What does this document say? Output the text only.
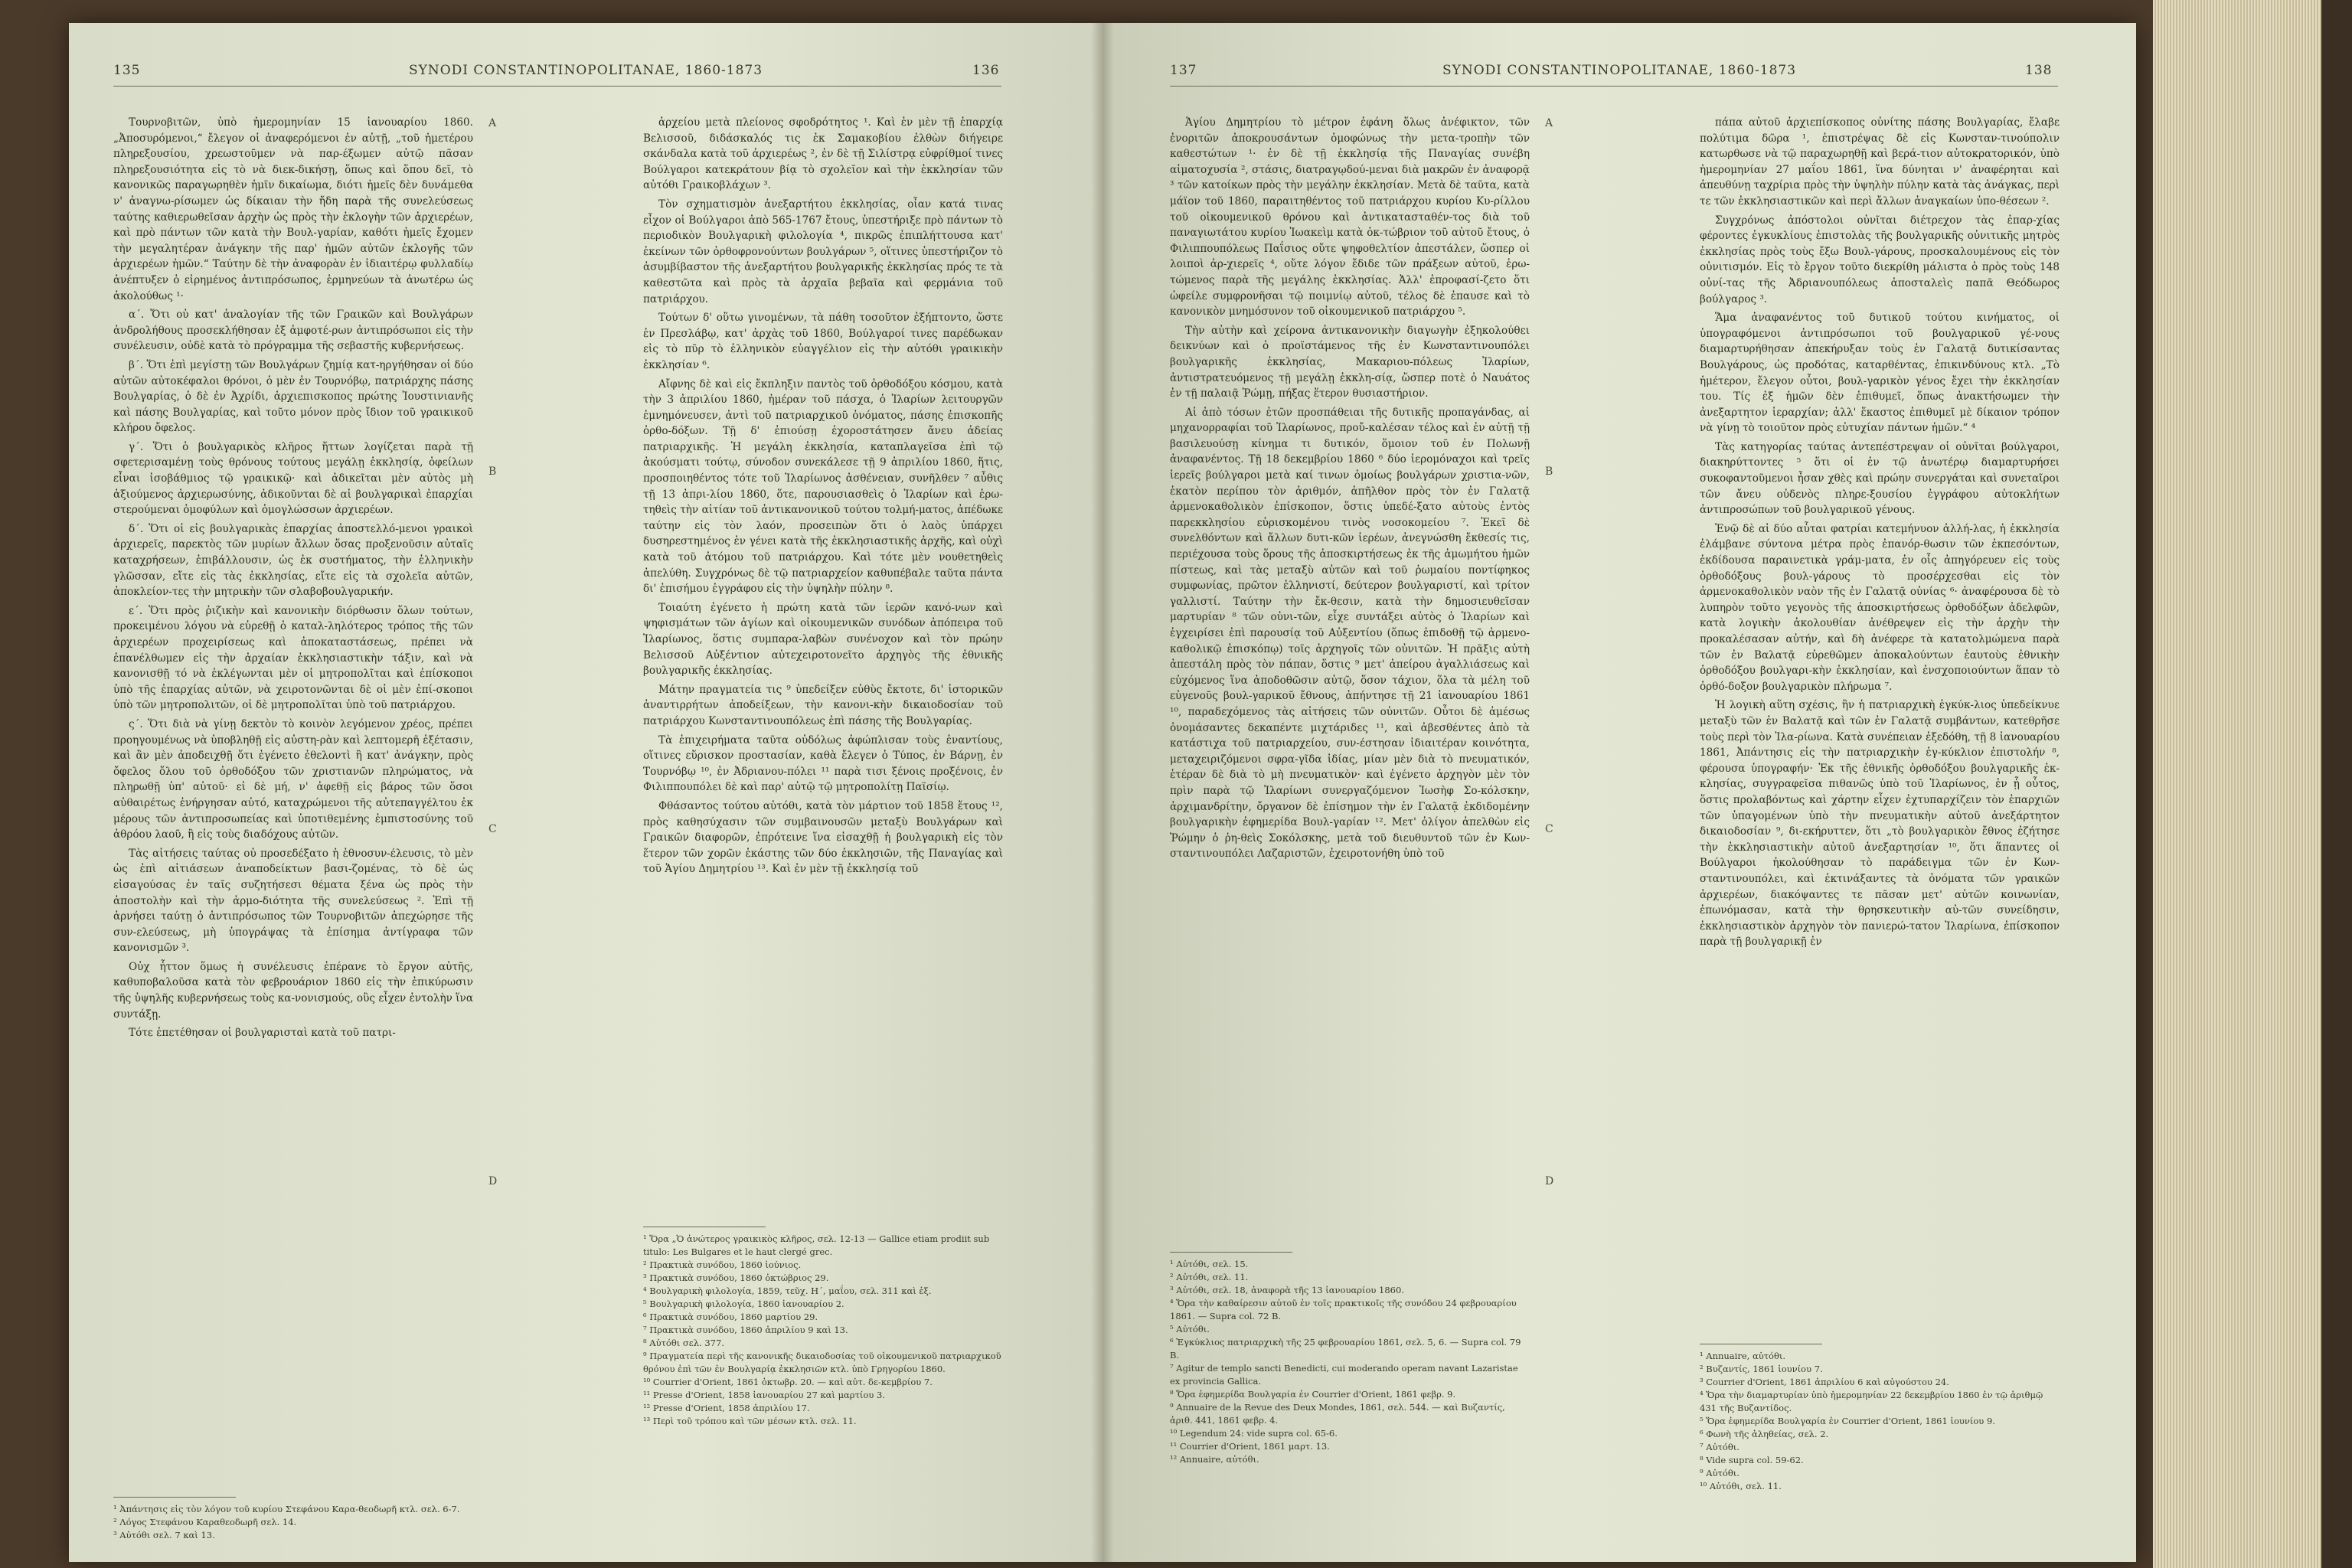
135	SYNODI CONSTANTINOPOLITANAE, 1860-1873	136

Τουρνοβιτῶν, ὑπὸ ἡμερομηνίαν 15 ἰανουαρίου 1860. „Ἀποσυρόμενοι,“ ἔλεγον οἱ ἀναφερόμενοι ἐν αὐτῇ, „τοῦ ἡμετέρου πληρεξουσίου, χρεωστοῦμεν νὰ παρ-έξωμεν αὐτῷ πᾶσαν πληρεξουσιότητα εἰς τὸ νὰ διεκ-δικήσῃ, ὅπως καὶ ὅπου δεῖ, τὸ κανονικῶς παραγωρηθὲν ἡμῖν δικαίωμα, διότι ἡμεῖς δὲν δυνάμεθα ν' ἀναγνω-ρίσωμεν ὡς δίκαιαν τὴν ἤδη παρὰ τῆς συνελεύσεως ταύτης καθιερωθεῖσαν ἀρχὴν ὡς πρὸς τὴν ἐκλογὴν τῶν ἀρχιερέων, καὶ πρὸ πάντων τῶν κατὰ τὴν Βουλ-γαρίαν, καθότι ἡμεῖς ἔχομεν τὴν μεγαλητέραν ἀνάγκην τῆς παρ' ἡμῶν αὐτῶν ἐκλογῆς τῶν ἀρχιερέων ἡμῶν.“ Ταύτην δὲ τὴν ἀναφορὰν ἐν ἰδιαιτέρῳ φυλλαδίῳ ἀνέπτυξεν ὁ εἰρημένος ἀντιπρόσωπος, ἑρμηνεύων τὰ ἀνωτέρω ὡς ἀκολούθως ¹·

α΄. Ὅτι οὐ κατ' ἀναλογίαν τῆς τῶν Γραικῶν καὶ Βουλγάρων ἀνδρολήθους προσεκλήθησαν ἐξ ἀμφοτέ-ρων ἀντιπρόσωποι εἰς τὴν συνέλευσιν, οὐδὲ κατὰ τὸ πρόγραμμα τῆς σεβαστῆς κυβερνήσεως.

β΄. Ὅτι ἐπὶ μεγίστῃ τῶν Βουλγάρων ζημίᾳ κατ-ηργήθησαν οἱ δύο αὐτῶν αὐτοκέφαλοι θρόνοι, ὁ μὲν ἐν Τουρνόβῳ, πατριάρχης πάσης Βουλγαρίας, ὁ δὲ ἐν Ἀχρίδι, ἀρχιεπισκοπος πρώτης Ἰουστινιανῆς καὶ πάσης Βουλγαρίας, καὶ τοῦτο μόνον πρὸς ἴδιον τοῦ γραικικοῦ κλήρου ὄφελος.

γ΄. Ὅτι ὁ βουλγαρικὸς κλῆρος ἥττων λογίζεται παρὰ τῇ σφετερισαμένῃ τοὺς θρόνους τούτους μεγάλῃ ἐκκλησίᾳ, ὀφείλων εἶναι ἰσοβάθμιος τῷ γραικικῷ· καὶ ἀδικεῖται μὲν αὐτὸς μὴ ἀξιούμενος ἀρχιερωσύνης, ἀδικοῦνται δὲ αἱ βουλγαρικαὶ ἐπαρχίαι στερούμεναι ὁμοφύλων καὶ ὁμογλώσσων ἀρχιερέων.

δ΄. Ὅτι οἱ εἰς βουλγαρικὰς ἐπαρχίας ἀποστελλό-μενοι γραικοὶ ἀρχιερεῖς, παρεκτὸς τῶν μυρίων ἄλλων ὅσας προξενοῦσιν αὐταῖς καταχρήσεων, ἐπιβάλλουσιν, ὡς ἐκ συστήματος, τὴν ἑλληνικὴν γλῶσσαν, εἴτε εἰς τὰς ἐκκλησίας, εἴτε εἰς τὰ σχολεῖα αὐτῶν, ἀποκλείον-τες τὴν μητρικὴν τῶν σλαβοβουλγαρικήν.

ε΄. Ὅτι πρὸς ῥιζικὴν καὶ κανονικὴν διόρθωσιν ὅλων τούτων, προκειμένου λόγου νὰ εὑρεθῇ ὁ καταλ-ληλότερος τρόπος τῆς τῶν ἀρχιερέων προχειρίσεως καὶ ἀποκαταστάσεως, πρέπει νὰ ἐπανέλθωμεν εἰς τὴν ἀρχαίαν ἐκκλησιαστικὴν τάξιν, καὶ νὰ κανονισθῇ τό νὰ ἐκλέγωνται μὲν οἱ μητροπολῖται καὶ ἐπίσκοποι ὑπὸ τῆς ἐπαρχίας αὐτῶν, νὰ χειροτονῶνται δὲ οἱ μὲν ἐπί-σκοποι ὑπὸ τῶν μητροπολιτῶν, οἱ δὲ μητροπολῖται ὑπὸ τοῦ πατριάρχου.

ς΄. Ὅτι διὰ νὰ γίνῃ δεκτὸν τὸ κοινὸν λεγόμενον χρέος, πρέπει προηγουμένως νὰ ὑποβληθῇ εἰς αὐστη-ρὰν καὶ λεπτομερῆ ἐξέτασιν, καὶ ἂν μὲν ἀποδειχθῇ ὅτι ἐγένετο ἐθελοντὶ ἢ κατ' ἀνάγκην, πρὸς ὄφελος ὅλου τοῦ ὀρθοδόξου τῶν χριστιανῶν πληρώματος, νὰ πληρωθῇ ὑπ' αὐτοῦ· εἰ δὲ μή, ν' ἀφεθῇ εἰς βάρος τῶν ὅσοι αὐθαιρέτως ἐνήργησαν αὐτό, καταχρώμενοι τῆς αὐτεπαγγέλτου ἐκ μέρους τῶν ἀντιπροσωπείας καὶ ὑποτιθεμένης ἐμπιστοσύνης τοῦ ἀθρόου λαοῦ, ἢ εἰς τοὺς διαδόχους αὐτῶν.

Τὰς αἰτήσεις ταύτας οὐ προσεδέξατο ἡ ἐθνοσυν-έλευσις, τὸ μὲν ὡς ἐπὶ αἰτιάσεων ἀναποδείκτων βασι-ζομένας, τὸ δὲ ὡς εἰσαγούσας ἐν ταῖς συζητήσεσι θέματα ξένα ὡς πρὸς τὴν ἀποστολὴν καὶ τὴν ἁρμο-διότητα τῆς συνελεύσεως ². Ἐπὶ τῇ ἀρνήσει ταύτῃ ὁ ἀντιπρόσωπος τῶν Τουρνοβιτῶν ἀπεχώρησε τῆς συν-ελεύσεως, μὴ ὑπογράψας τὰ ἐπίσημα ἀντίγραφα τῶν κανονισμῶν ³.

Οὐχ ἧττον ὅμως ἡ συνέλευσις ἐπέρανε τὸ ἔργον αὐτῆς, καθυποβαλοῦσα κατὰ τὸν φεβρουάριον 1860 εἰς τὴν ἐπικύρωσιν τῆς ὑψηλῆς κυβερνήσεως τοὺς κα-νονισμούς, οὓς εἶχεν ἐντολὴν ἵνα συντάξῃ.

Τότε ἐπετέθησαν οἱ βουλγαρισταὶ κατὰ τοῦ πατρι-

ἀρχείου μετὰ πλείονος σφοδρότητος ¹. Καὶ ἐν μὲν τῇ ἐπαρχίᾳ Βελισσοῦ, διδάσκαλός τις ἐκ Σαμακοβίου ἐλθὼν διήγειρε σκάνδαλα κατὰ τοῦ ἀρχιερέως ², ἐν δὲ τῇ Σιλίστρᾳ εὐφρίθμοί τινες Βούλγαροι κατεκράτουν βίᾳ τὸ σχολεῖον καὶ τὴν ἐκκλησίαν τῶν αὐτόθι Γραικοβλάχων ³.

Τὸν σχηματισμὸν ἀνεξαρτήτου ἐκκλησίας, οἷαν κατά τινας εἶχον οἱ Βούλγαροι ἀπὸ 565-1767 ἔτους, ὑπεστήριξε πρὸ πάντων τὸ περιοδικὸν Βουλγαρικὴ φιλολογία ⁴, πικρῶς ἐπιπλήττουσα κατ' ἐκείνων τῶν ὀρθοφρονούντων βουλγάρων ⁵, οἵτινες ὑπεστήριζον τὸ ἀσυμβίβαστον τῆς ἀνεξαρτήτου βουλγαρικῆς ἐκκλησίας πρός τε τὰ καθεστῶτα καὶ πρὸς τὰ ἀρχαῖα βεβαῖα καὶ φερμάνια τοῦ πατριάρχου.

Τούτων δ' οὕτω γινομένων, τὰ πάθη τοσοῦτον ἐξήπτοντο, ὥστε ἐν Πρεσλάβῳ, κατ' ἀρχὰς τοῦ 1860, Βούλγαροί τινες παρέδωκαν εἰς τὸ πῦρ τὸ ἑλληνικὸν εὐαγγέλιον εἰς τὴν αὐτόθι γραικικὴν ἐκκλησίαν ⁶.

Αἴφνης δὲ καὶ εἰς ἔκπληξιν παντὸς τοῦ ὀρθοδόξου κόσμου, κατὰ τὴν 3 ἀπριλίου 1860, ἡμέραν τοῦ πάσχα, ὁ Ἰλαρίων λειτουργῶν ἐμνημόνευσεν, ἀντὶ τοῦ πατριαρχικοῦ ὀνόματος, πάσης ἐπισκοπῆς ὀρθο-δόξων. Τῇ δ' ἐπιούσῃ ἐχοροστάτησεν ἄνευ ἀδείας πατριαρχικῆς. Ἡ μεγάλη ἐκκλησία, καταπλαγεῖσα ἐπὶ τῷ ἀκούσματι τούτῳ, σύνοδον συνεκάλεσε τῇ 9 ἀπριλίου 1860, ἥτις, προσποιηθέντος τότε τοῦ Ἰλαρίωνος ἀσθένειαν, συνῆλθεν ⁷ αὖθις τῇ 13 ἀπρι-λίου 1860, ὅτε, παρουσιασθεὶς ὁ Ἰλαρίων καὶ ἐρω-τηθεὶς τὴν αἰτίαν τοῦ ἀντικανονικοῦ τούτου τολμή-ματος, ἀπέδωκε ταύτην εἰς τὸν λαόν, προσειπὼν ὅτι ὁ λαὸς ὑπάρχει δυσηρεστημένος ἐν γένει κατὰ τῆς ἐκκλησιαστικῆς ἀρχῆς, καὶ οὐχὶ κατὰ τοῦ ἀτόμου τοῦ πατριάρχου. Καὶ τότε μὲν νουθετηθεὶς ἀπελύθη. Συγχρόνως δὲ τῷ πατριαρχείον καθυπέβαλε ταῦτα πάντα δι' ἐπισήμου ἐγγράφου εἰς τὴν ὑψηλὴν πύλην ⁸.

Τοιαύτη ἐγένετο ἡ πρώτη κατὰ τῶν ἱερῶν κανό-νων καὶ ψηφισμάτων τῶν ἁγίων καὶ οἰκουμενικῶν συνόδων ἀπόπειρα τοῦ Ἰλαρίωνος, ὅστις συμπαρα-λαβὼν συνένοχον καὶ τὸν πρώην Βελισσοῦ Αὐξέντιον αὐτεχειροτονεῖτο ἀρχηγὸς τῆς ἐθνικῆς βουλγαρικῆς ἐκκλησίας.

Μάτην πραγματεία τις ⁹ ὑπεδείξεν εὐθὺς ἔκτοτε, δι' ἱστορικῶν ἀναντιρρήτων ἀποδείξεων, τὴν κανονι-κὴν δικαιοδοσίαν τοῦ πατριάρχου Κωνσταντινουπόλεως ἐπὶ πάσης τῆς Βουλγαρίας.

Τὰ ἐπιχειρήματα ταῦτα οὐδόλως ἀφώπλισαν τοὺς ἐναντίους, οἵτινες εὕρισκον προστασίαν, καθὰ ἔλεγεν ὁ Τύπος, ἐν Βάρνῃ, ἐν Τουρνόβῳ ¹⁰, ἐν Ἀδριανου-πόλει ¹¹ παρὰ τισι ξένοις προξένοις, ἐν Φιλιππουπόλει δὲ καὶ παρ' αὐτῷ τῷ μητροπολίτῃ Παϊσίῳ.

Φθάσαντος τούτου αὐτόθι, κατὰ τὸν μάρτιον τοῦ 1858 ἔτους ¹², πρὸς καθησύχασιν τῶν συμβαινουσῶν μεταξὺ Βουλγάρων καὶ Γραικῶν διαφορῶν, ἐπρότεινε ἵνα εἰσαχθῇ ἡ βουλγαρικὴ εἰς τὸν ἕτερον τῶν χορῶν ἑκάστης τῶν δύο ἐκκλησιῶν, τῆς Παναγίας καὶ τοῦ Ἁγίου Δημητρίου ¹³. Καὶ ἐν μὲν τῇ ἐκκλησίᾳ τοῦ

A
B
C
D
¹ Ἀπάντησις εἰς τὸν λόγον τοῦ κυρίου Στεφάνου Καρα-θεοδωρῆ κτλ. σελ. 6-7.
² Λόγος Στεφάνου Καραθεοδωρῆ σελ. 14.
³ Αὐτόθι σελ. 7 καὶ 13.
¹ Ὅρα „Ὁ ἀνώτερος γραικικὸς κλῆρος, σελ. 12-13 — Gallice etiam prodiit sub titulo: Les Bulgares et le haut clergé grec.
² Πρακτικὰ συνόδου, 1860 ἰούνιος.
³ Πρακτικὰ συνόδου, 1860 ὀκτώβριος 29.
⁴ Βουλγαρικὴ φιλολογία, 1859, τεῦχ. Η΄, μαΐου, σελ. 311 καὶ ἑξ.
⁵ Βουλγαρικὴ φιλολογία, 1860 ἰανουαρίου 2.
⁶ Πρακτικὰ συνόδου, 1860 μαρτίου 29.
⁷ Πρακτικὰ συνόδου, 1860 ἀπριλίου 9 καὶ 13.
⁸ Αὐτόθι σελ. 377.
⁹ Πραγματεία περὶ τῆς κανονικῆς δικαιοδοσίας τοῦ οἰκουμενικοῦ πατριαρχικοῦ θρόνου ἐπὶ τῶν ἐν Βουλγαρίᾳ ἐκκλησιῶν κτλ. ὑπὸ Γρηγορίου 1860.
¹⁰ Courrier d'Orient, 1861 ὀκτωβρ. 20. — καὶ αὐτ. δε-κεμβρίου 7.
¹¹ Presse d'Orient, 1858 ἰανουαρίου 27 καὶ μαρτίου 3.
¹² Presse d'Orient, 1858 ἀπριλίου 17.
¹³ Περὶ τοῦ τρόπου καὶ τῶν μέσων κτλ. σελ. 11.
137	SYNODI CONSTANTINOPOLITANAE, 1860-1873	138

Ἁγίου Δημητρίου τὸ μέτρον ἐφάνη ὅλως ἀνέφικτον, τῶν ἐνοριτῶν ἀποκρουσάντων ὁμοφώνως τὴν μετα-τροπὴν τῶν καθεστώτων ¹· ἐν δὲ τῇ ἐκκλησίᾳ τῆς Παναγίας συνέβη αἱματοχυσία ², στάσις, διατραγῳδού-μεναι διὰ μακρῶν ἐν ἀναφορᾷ ³ τῶν κατοίκων πρὸς τὴν μεγάλην ἐκκλησίαν. Μετὰ δὲ ταῦτα, κατὰ μάϊον τοῦ 1860, παραιτηθέντος τοῦ πατριάρχου κυρίου Κυ-ρίλλου τοῦ οἰκουμενικοῦ θρόνου καὶ ἀντικατασταθέν-τος διὰ τοῦ παναγιωτάτου κυρίου Ἰωακεὶμ κατὰ ὀκ-τώβριον τοῦ αὐτοῦ ἔτους, ὁ Φιλιππουπόλεως Παΐσιος οὔτε ψηφοθελτίον ἀπεστάλεν, ὥσπερ οἱ λοιποὶ ἀρ-χιερεῖς ⁴, οὔτε λόγον ἔδιδε τῶν πράξεων αὐτοῦ, ἐρω-τώμενος παρὰ τῆς μεγάλης ἐκκλησίας. Ἀλλ' ἐπροφασί-ζετο ὅτι ὠφείλε συμφρονῆσαι τῷ ποιμνίῳ αὐτοῦ, τέλος δὲ ἐπαυσε καὶ τὸ κανονικὸν μνημόσυνον τοῦ οἰκουμενικοῦ πατριάρχου ⁵.

Τὴν αὐτὴν καὶ χείρονα ἀντικανονικὴν διαγωγὴν ἐξηκολούθει δεικνύων καὶ ὁ προϊστάμενος τῆς ἐν Κωνσταντινουπόλει βουλγαρικῆς ἐκκλησίας, Μακαριου-πόλεως Ἰλαρίων, ἀντιστρατευόμενος τῇ μεγάλῃ ἐκκλη-σίᾳ, ὥσπερ ποτὲ ὁ Ναυάτος ἐν τῇ παλαιᾷ Ῥώμῃ, πήξας ἕτερον θυσιαστήριον.

Αἱ ἀπὸ τόσων ἐτῶν προσπάθειαι τῆς δυτικῆς προπαγάνδας, αἱ μηχανορραφίαι τοῦ Ἰλαρίωνος, προὔ-καλέσαν τέλος καὶ ἐν αὐτῇ τῇ βασιλευούσῃ κίνημα τι δυτικόν, ὅμοιον τοῦ ἐν Πολωνῇ ἀναφανέντος. Τῇ 18 δεκεμβρίου 1860 ⁶ δύο ἱερομόναχοι καὶ τρεῖς ἱερεῖς βούλγαροι μετὰ καί τινων ὁμοίως βουλγάρων χριστια-νῶν, ἑκατὸν περίπου τὸν ἀριθμόν, ἀπῆλθον πρὸς τὸν ἐν Γαλατᾷ ἀρμενοκαθολικὸν ἐπίσκοπον, ὅστις ὑπεδέ-ξατο αὐτοὺς ἐντὸς παρεκκλησίου εὑρισκομένου τινὸς νοσοκομείου ⁷. Ἐκεῖ δὲ συνελθόντων καὶ ἄλλων δυτι-κῶν ἱερέων, ἀνεγνώσθη ἔκθεσίς τις, περιέχουσα τοὺς ὅρους τῆς ἀποσκιρτήσεως ἐκ τῆς ἀμωμήτου ἡμῶν πίστεως, καὶ τὰς μεταξὺ αὐτῶν καὶ τοῦ ῥωμαίου ποντίφηκος συμφωνίας, πρῶτον ἑλληνιστί, δεύτερον βουλγαριστί, καὶ τρίτον γαλλιστί. Ταύτην τὴν ἔκ-θεσιν, κατὰ τὴν δημοσιευθεῖσαν μαρτυρίαν ⁸ τῶν οὐνι-τῶν, εἶχε συντάξει αὐτὸς ὁ Ἰλαρίων καὶ ἐγχειρίσει ἐπὶ παρουσίᾳ τοῦ Αὐξεντίου (ὅπως ἐπιδοθῇ τῷ ἀρμενο-καθολικῷ ἐπισκόπῳ) τοῖς ἀρχηγοῖς τῶν οὐνιτῶν. Ἡ πρᾶξις αὐτὴ ἀπεστάλη πρὸς τὸν πάπαν, ὅστις ⁹ μετ' ἀπείρου ἀγαλλιάσεως καὶ εὐχόμενος ἵνα ἀποδοθῶσιν αὐτῷ, ὅσον τάχιον, ὅλα τὰ μέλη τοῦ εὐγενοῦς βουλ-γαρικοῦ ἔθνους, ἀπήντησε τῇ 21 ἰανουαρίου 1861 ¹⁰, παραδεχόμενος τὰς αἰτήσεις τῶν οὐνιτῶν. Οὗτοι δὲ ἀμέσως ὀνομάσαντες δεκαπέντε μιχτάριδες ¹¹, καὶ ἀβεσθέντες ἀπὸ τὰ κατάστιχα τοῦ πατριαρχείου, συν-έστησαν ἰδιαιτέραν κοινότητα, μεταχειριζόμενοι σφρα-γῖδα ἰδίας, μίαν μὲν διὰ τὸ πνευματικόν, ἑτέραν δὲ διὰ τὸ μὴ πνευματικὸν· καὶ ἐγένετο ἀρχηγὸν μὲν τὸν πρὶν παρὰ τῷ Ἰλαρίωνι συνεργαζόμενον Ἰωσὴφ Σο-κόλσκην, ἀρχιμανδρίτην, ὄργανον δὲ ἐπίσημον τὴν ἐν Γαλατᾷ ἐκδιδομένην βουλγαρικὴν ἐφημερίδα Βουλ-γαρίαν ¹². Μετ' ὀλίγον ἀπελθὼν εἰς Ῥώμην ὁ ῥη-θεὶς Σοκόλσκης, μετὰ τοῦ διευθυντοῦ τῶν ἐν Κων-σταντινουπόλει Λαζαριστῶν, ἐχειροτονήθη ὑπὸ τοῦ

πάπα αὐτοῦ ἀρχιεπίσκοπος οὐνίτης πάσης Βουλγαρίας, ἔλαβε πολύτιμα δῶρα ¹, ἐπιστρέψας δὲ εἰς Κωνσταν-τινούπολιν κατωρθωσε νὰ τῷ παραχωρηθῇ καὶ βερά-τιον αὐτοκρατορικόν, ὑπὸ ἡμερομηνίαν 27 μαΐου 1861, ἵνα δύνηται ν' ἀναφέρηται καὶ ἀπευθύνῃ ταχρίρια πρὸς τὴν ὑψηλὴν πύλην κατὰ τὰς ἀνάγκας, περὶ τε τῶν ἐκκλησιαστικῶν καὶ περὶ ἄλλων ἀναγκαίων ὑπο-θέσεων ².

Συγχρόνως ἀπόστολοι οὐνῖται διέτρεχον τὰς ἐπαρ-χίας φέροντες ἐγκυκλίους ἐπιστολὰς τῆς βουλγαρικῆς οὐνιτικῆς μητρὸς ἐκκλησίας πρὸς τοὺς ἔξω Βουλ-γάρους, προσκαλουμένους εἰς τὸν οὐνιτισμόν. Εἰς τὸ ἔργον τοῦτο διεκρίθη μάλιστα ὁ πρὸς τοὺς 148 οὐνί-τας τῆς Ἀδριανουπόλεως ἀποσταλεὶς παπᾶ Θεόδωρος βούλγαρος ³.

Ἅμα ἀναφανέντος τοῦ δυτικοῦ τούτου κινήματος, οἱ ὑπογραφόμενοι ἀντιπρόσωποι τοῦ βουλγαρικοῦ γέ-νους διαμαρτυρήθησαν ἀπεκήρυξαν τοὺς ἐν Γαλατᾷ δυτικίσαντας Βουλγάρους, ὡς προδότας, καταρθέντας, ἐπικινδύνους κτλ. „Τὸ ἡμέτερον, ἔλεγον οὗτοι, βουλ-γαρικὸν γένος ἔχει τὴν ἐκκλησίαν του. Τίς ἐξ ἡμῶν δὲν ἐπιθυμεῖ, ὅπως ἀνακτήσωμεν τὴν ἀνεξαρτητον ἱεραρχίαν; ἀλλ' ἕκαστος ἐπιθυμεῖ μὲ δίκαιον τρόπον νὰ γίνῃ τὸ τοιοῦτον πρὸς εὐτυχίαν πάντων ἡμῶν.“ ⁴

Τὰς κατηγορίας ταύτας ἀντεπέστρεψαν οἱ οὐνῖται βούλγαροι, διακηρύττοντες ⁵ ὅτι οἱ ἐν τῷ ἀνωτέρῳ διαμαρτυρήσει συκοφαντοῦμενοι ἦσαν χθὲς καὶ πρώην συνεργάται καὶ συνεταῖροι τῶν ἄνευ οὐδενὸς πληρε-ξουσίου ἐγγράφου αὐτοκλήτων ἀντιπροσώπων τοῦ βουλγαρικοῦ γένους.

Ἐνῷ δὲ αἱ δύο αὗται φατρίαι κατεμήνυον ἀλλή-λας, ἡ ἐκκλησία ἐλάμβανε σύντονα μέτρα πρὸς ἐπανόρ-θωσιν τῶν ἐκπεσόντων, ἐκδίδουσα παραινετικὰ γράμ-ματα, ἐν οἷς ἀπηγόρευεν εἰς τοὺς ὀρθοδόξους βουλ-γάρους τὸ προσέρχεσθαι εἰς τὸν ἀρμενοκαθολικὸν ναὸν τῆς ἐν Γαλατᾷ οὐνίας ⁶· ἀναφέρουσα δὲ τὸ λυπηρὸν τοῦτο γεγονὸς τῆς ἀποσκιρτήσεως ὀρθοδόξων ἀδελφῶν, κατὰ λογικὴν ἀκολουθίαν ἀνέθρεψεν εἰς τὴν ἀρχὴν τὴν προκαλέσασαν αὐτήν, καὶ δὴ ἀνέφερε τὰ κατατολμώμενα παρὰ τῶν ἐν Βαλατᾷ εὑρεθῶμεν ἀποκαλούντων ἑαυτοὺς ἐθνικὴν ὀρθοδόξου βουλγαρι-κὴν ἐκκλησίαν, καὶ ἐνσχοποιούντων ἅπαν τὸ ὀρθό-δοξον βουλγαρικὸν πλήρωμα ⁷.

Ἡ λογικὴ αὕτη σχέσις, ἣν ἡ πατριαρχικὴ ἐγκύκ-λιος ὑπεδείκνυε μεταξὺ τῶν ἐν Βαλατᾷ καὶ τῶν ἐν Γαλατᾷ συμβάντων, κατεθρῆσε τοὺς περὶ τὸν Ἰλα-ρίωνα. Κατὰ συνέπειαν ἐξεδόθη, τῇ 8 ἰανουαρίου 1861, Ἀπάντησις εἰς τὴν πατριαρχικὴν ἐγ-κύκλιον ἐπιστολήν ⁸, φέρουσα ὑπογραφήν· Ἐκ τῆς ἐθνικῆς ὀρθοδόξου βουλγαρικῆς ἐκ-κλησίας, συγγραφεῖσα πιθανῶς ὑπὸ τοῦ Ἰλαρίωνος, ἐν ᾗ οὗτος, ὅστις προλαβόντως καὶ χάρτην εἶχεν ἐχτυπαρχίζειν τὸν ἐπαρχιῶν τῶν ὑπαγομένων ὑπὸ τὴν πνευματικὴν αὐτοῦ ἀνεξάρτητον δικαιοδοσίαν ⁹, δι-εκήρυττεν, ὅτι „τὸ βουλγαρικὸν ἔθνος ἐζήτησε τὴν ἐκκλησιαστικὴν αὐτοῦ ἀνεξαρτησίαν ¹⁰, ὅτι ἅπαντες οἱ Βούλγαροι ἠκολούθησαν τὸ παράδειγμα τῶν ἐν Κων-σταντινουπόλει, καὶ ἐκτινάξαντες τὰ ὀνόματα τῶν γραικῶν ἀρχιερέων, διακόψαντες τε πᾶσαν μετ' αὐτῶν κοινωνίαν, ἐπωνόμασαν, κατὰ τὴν θρησκευτικὴν αὐ-τῶν συνείδησιν, ἐκκλησιαστικὸν ἀρχηγὸν τὸν πανιερώ-τατον Ἰλαρίωνα, ἐπίσκοπον παρὰ τῇ βουλγαρικῇ ἐν

A
B
C
D
¹ Αὐτόθι, σελ. 15.
² Αὐτόθι, σελ. 11.
³ Αὐτόθι, σελ. 18, ἀναφορὰ τῆς 13 ἰανουαρίου 1860.
⁴ Ὅρα τὴν καθαίρεσιν αὐτοῦ ἐν τοῖς πρακτικοῖς τῆς συνόδου 24 φεβρουαρίου 1861. — Supra col. 72 B.
⁵ Αὐτόθι.
⁶ Ἐγκύκλιος πατριαρχικὴ τῆς 25 φεβρουαρίου 1861, σελ. 5, 6. — Supra col. 79 B.
⁷ Agitur de templo sancti Benedicti, cui moderando operam navant Lazaristae ex provincia Gallica.
⁸ Ὅρα ἐφημερίδα Βουλγαρία ἐν Courrier d'Orient, 1861 φεβρ. 9.
⁹ Annuaire de la Revue des Deux Mondes, 1861, σελ. 544. — καὶ Βυζαντίς, ἀριθ. 441, 1861 φεβρ. 4.
¹⁰ Legendum 24: vide supra col. 65-6.
¹¹ Courrier d'Orient, 1861 μαρτ. 13.
¹² Annuaire, αὐτόθι.
¹ Annuaire, αὐτόθι.
² Βυζαντίς, 1861 ἰουνίου 7.
³ Courrier d'Orient, 1861 ἀπριλίου 6 καὶ αὐγούστου 24.
⁴ Ὅρα τὴν διαμαρτυρίαν ὑπὸ ἡμερομηνίαν 22 δεκεμβρίου 1860 ἐν τῷ ἀριθμῷ 431 τῆς Βυζαντίδος.
⁵ Ὅρα ἐφημερίδα Βουλγαρία ἐν Courrier d'Orient, 1861 ἰουνίου 9.
⁶ Φωνὴ τῆς ἀληθείας, σελ. 2.
⁷ Αὐτόθι.
⁸ Vide supra col. 59-62.
⁹ Αὐτόθι.
¹⁰ Αὐτόθι, σελ. 11.
